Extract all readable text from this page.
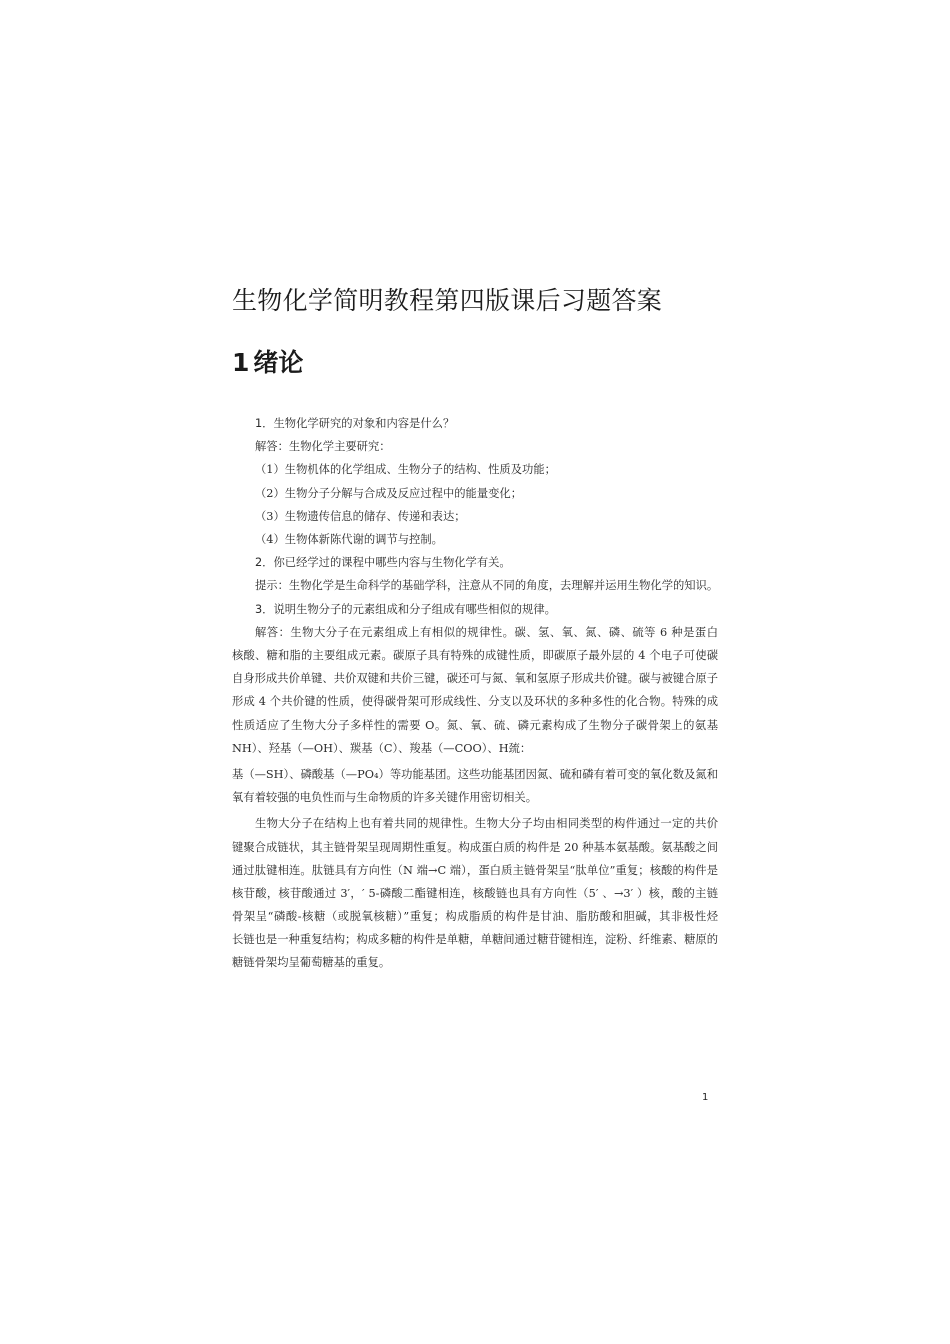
生物化学简明教程第四版课后习题答案
1 绪论
1．生物化学研究的对象和内容是什么？
解答：生物化学主要研究：
（1）生物机体的化学组成、生物分子的结构、性质及功能；
（2）生物分子分解与合成及反应过程中的能量变化；
（3）生物遗传信息的储存、传递和表达；
（4）生物体新陈代谢的调节与控制。
2．你已经学过的课程中哪些内容与生物化学有关。
提示：生物化学是生命科学的基础学科，注意从不同的角度，去理解并运用生物化学的知识。
3．说明生物分子的元素组成和分子组成有哪些相似的规律。
解答：生物大分子在元素组成上有相似的规律性。碳、氢、氧、氮、磷、硫等 6 种是蛋白
核酸、糖和脂的主要组成元素。碳原子具有特殊的成键性质，即碳原子最外层的 4 个电子可使碳
自身形成共价单键、共价双键和共价三键，碳还可与氮、氧和氢原子形成共价键。碳与被键合原子
形成 4 个共价键的性质，使得碳骨架可形成线性、分支以及环状的多种多性的化合物。特殊的成
性质适应了生物大分子多样性的需要 O。氮、氧、硫、磷元素构成了生物分子碳骨架上的氨基
NH）、羟基（—OH）、羰基（C）、羧基（—COO）、H巯：
基（—SH）、磷酸基（—PO₄）等功能基团。这些功能基团因氮、硫和磷有着可变的氧化数及氮和
氧有着较强的电负性而与生命物质的许多关键作用密切相关。
生物大分子在结构上也有着共同的规律性。生物大分子均由相同类型的构件通过一定的共价
键聚合成链状，其主链骨架呈现周期性重复。构成蛋白质的构件是 20 种基本氨基酸。氨基酸之间
通过肽键相连。肽链具有方向性（N 端→C 端），蛋白质主链骨架呈“肽单位”重复；核酸的构件是
核苷酸，核苷酸通过 3′，′ 5-磷酸二酯键相连，核酸链也具有方向性（5′ 、→3′ ）核，酸的主链
骨架呈“磷酸-核糖（或脱氧核糖）”重复；构成脂质的构件是甘油、脂肪酸和胆碱，其非极性烃
长链也是一种重复结构；构成多糖的构件是单糖，单糖间通过糖苷键相连，淀粉、纤维素、糖原的
糖链骨架均呈葡萄糖基的重复。
1
